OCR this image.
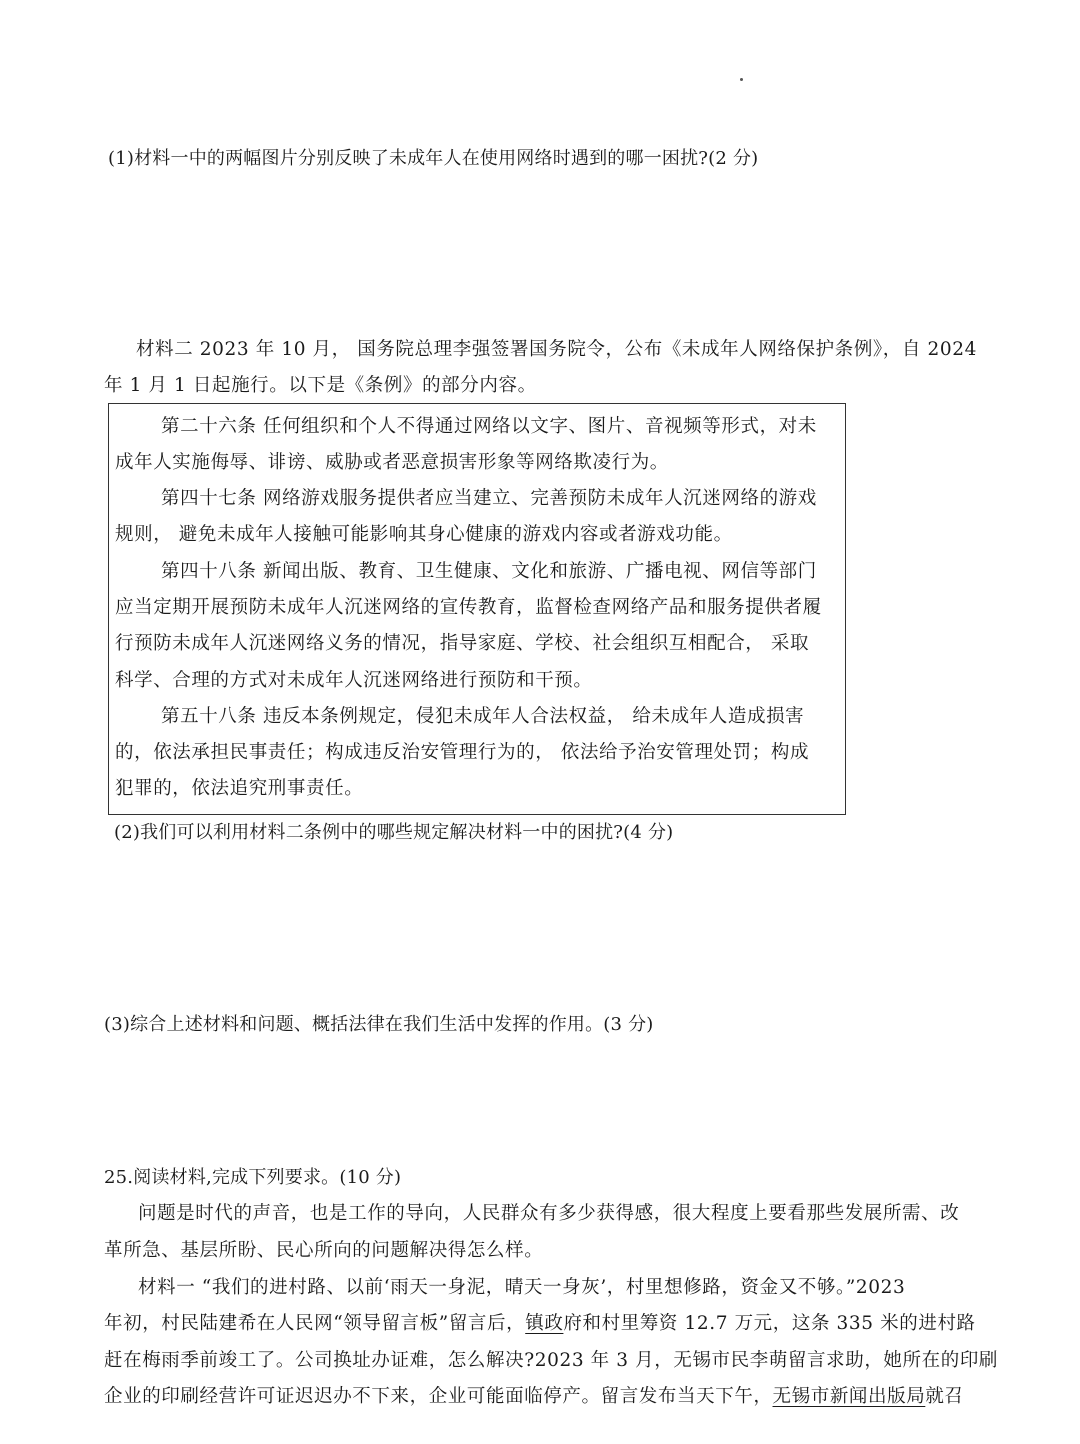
(1)材料一中的两幅图片分别反映了未成年人在使用网络时遇到的哪一困扰?(2 分)
材料二 2023 年 10 月， 国务院总理李强签署国务院令，公布《未成年人网络保护条例》，自 2024
年 1 月 1 日起施行。以下是《条例》的部分内容。
第二十六条 任何组织和个人不得通过网络以文字、图片、音视频等形式，对未
成年人实施侮辱、诽谤、威胁或者恶意损害形象等网络欺凌行为。
第四十七条 网络游戏服务提供者应当建立、完善预防未成年人沉迷网络的游戏
规则， 避免未成年人接触可能影响其身心健康的游戏内容或者游戏功能。
第四十八条 新闻出版、教育、卫生健康、文化和旅游、广播电视、网信等部门
应当定期开展预防未成年人沉迷网络的宣传教育，监督检查网络产品和服务提供者履
行预防未成年人沉迷网络义务的情况，指导家庭、学校、社会组织互相配合， 采取
科学、合理的方式对未成年人沉迷网络进行预防和干预。
第五十八条 违反本条例规定，侵犯未成年人合法权益， 给未成年人造成损害
的，依法承担民事责任；构成违反治安管理行为的， 依法给予治安管理处罚；构成
犯罪的，依法追究刑事责任。
(2)我们可以利用材料二条例中的哪些规定解决材料一中的困扰?(4 分)
(3)综合上述材料和问题、概括法律在我们生活中发挥的作用。(3 分)
25.阅读材料,完成下列要求。(10 分)
问题是时代的声音，也是工作的导向，人民群众有多少获得感，很大程度上要看那些发展所需、改
革所急、基层所盼、民心所向的问题解决得怎么样。
材料一 “我们的进村路、以前‘雨天一身泥，晴天一身灰’，村里想修路，资金又不够。”2023
年初，村民陆建希在人民网“领导留言板”留言后，镇政府和村里筹资 12.7 万元，这条 335 米的进村路
赶在梅雨季前竣工了。公司换址办证难，怎么解决?2023 年 3 月，无锡市民李萌留言求助，她所在的印刷
企业的印刷经营许可证迟迟办不下来，企业可能面临停产。留言发布当天下午，无锡市新闻出版局就召
